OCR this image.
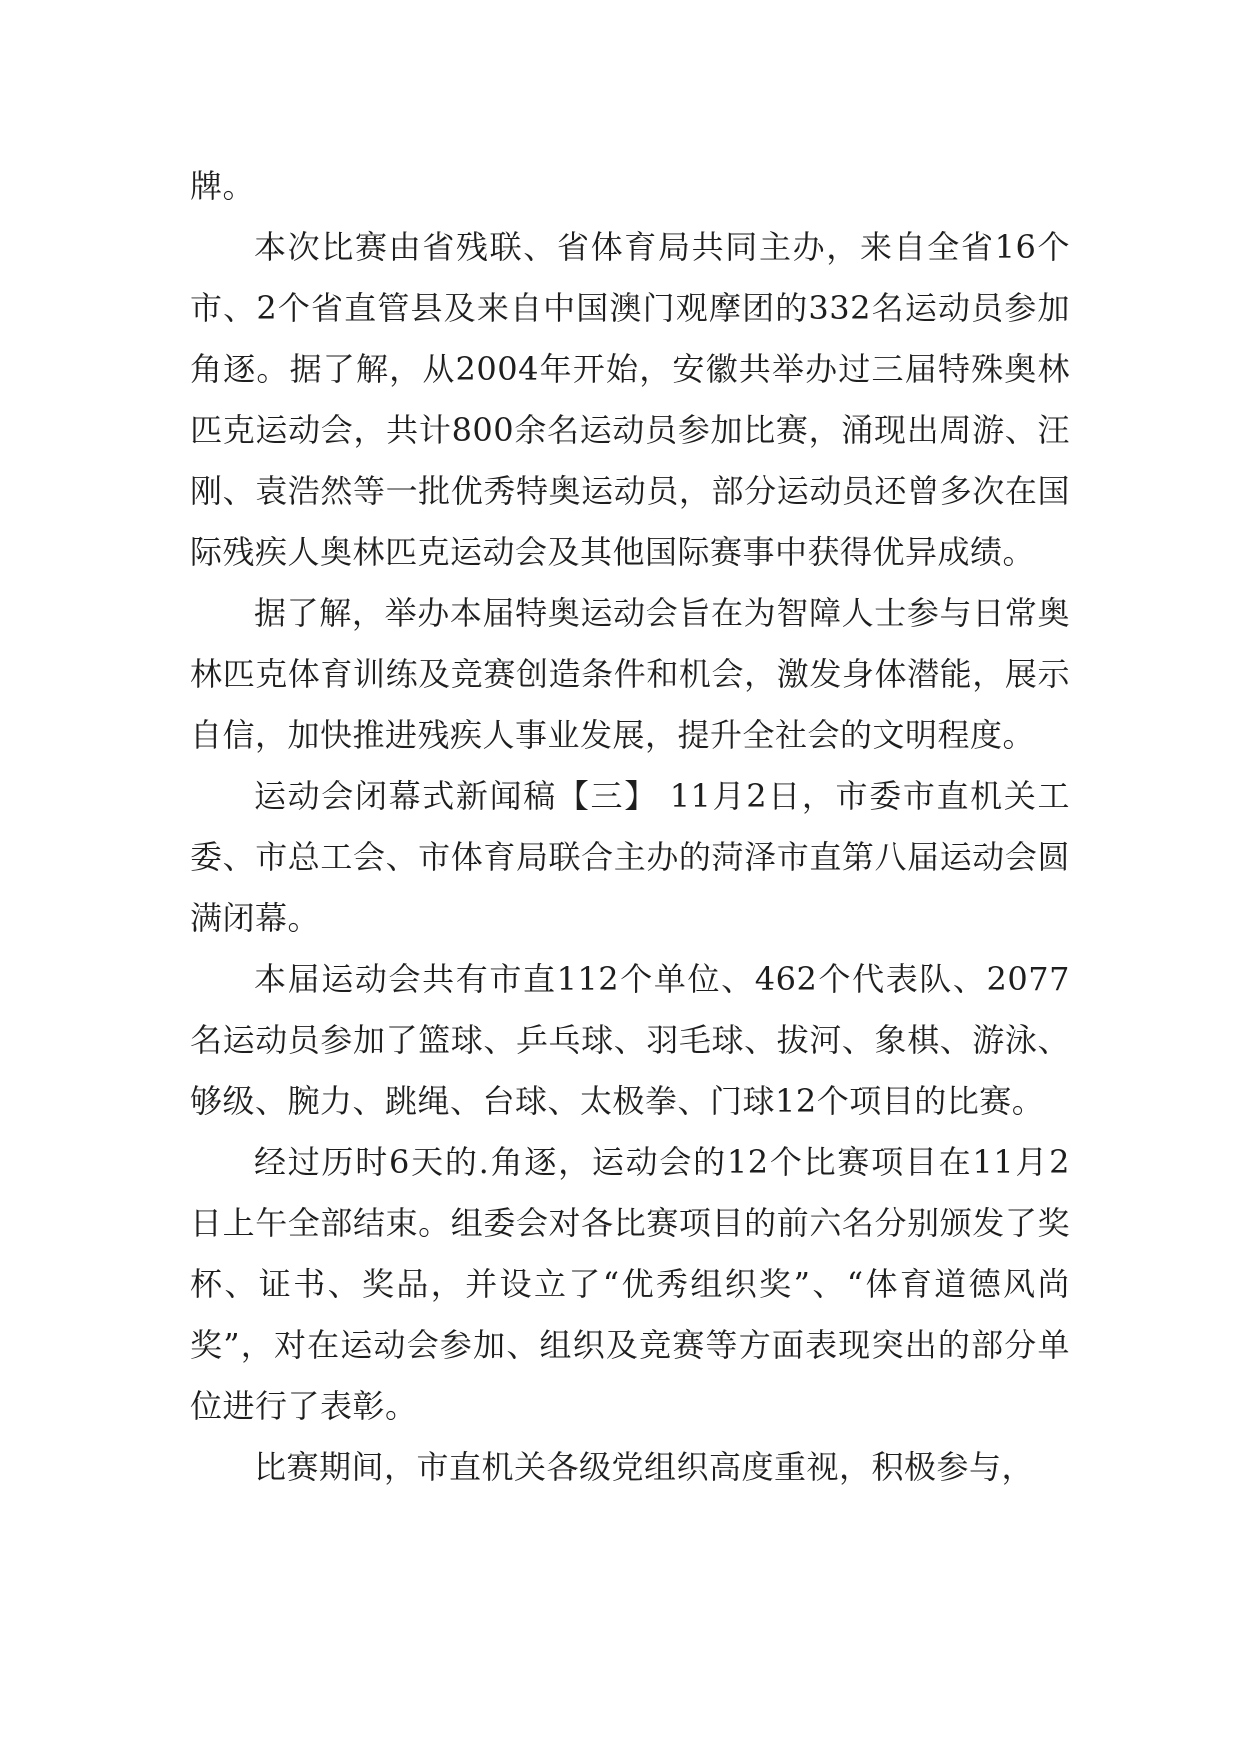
牌。

本次比赛由省残联、省体育局共同主办，来自全省16个市、2个省直管县及来自中国澳门观摩团的332名运动员参加角逐。据了解，从2004年开始，安徽共举办过三届特殊奥林匹克运动会，共计800余名运动员参加比赛，涌现出周游、汪刚、袁浩然等一批优秀特奥运动员，部分运动员还曾多次在国际残疾人奥林匹克运动会及其他国际赛事中获得优异成绩。

据了解，举办本届特奥运动会旨在为智障人士参与日常奥林匹克体育训练及竞赛创造条件和机会，激发身体潜能，展示自信，加快推进残疾人事业发展，提升全社会的文明程度。

运动会闭幕式新闻稿【三】 11月2日，市委市直机关工委、市总工会、市体育局联合主办的菏泽市直第八届运动会圆满闭幕。

本届运动会共有市直112个单位、462个代表队、2077名运动员参加了篮球、乒乓球、羽毛球、拔河、象棋、游泳、够级、腕力、跳绳、台球、太极拳、门球12个项目的比赛。

经过历时6天的.角逐，运动会的12个比赛项目在11月2日上午全部结束。组委会对各比赛项目的前六名分别颁发了奖杯、证书、奖品，并设立了“优秀组织奖”、“体育道德风尚奖”，对在运动会参加、组织及竞赛等方面表现突出的部分单位进行了表彰。

比赛期间，市直机关各级党组织高度重视，积极参与，
